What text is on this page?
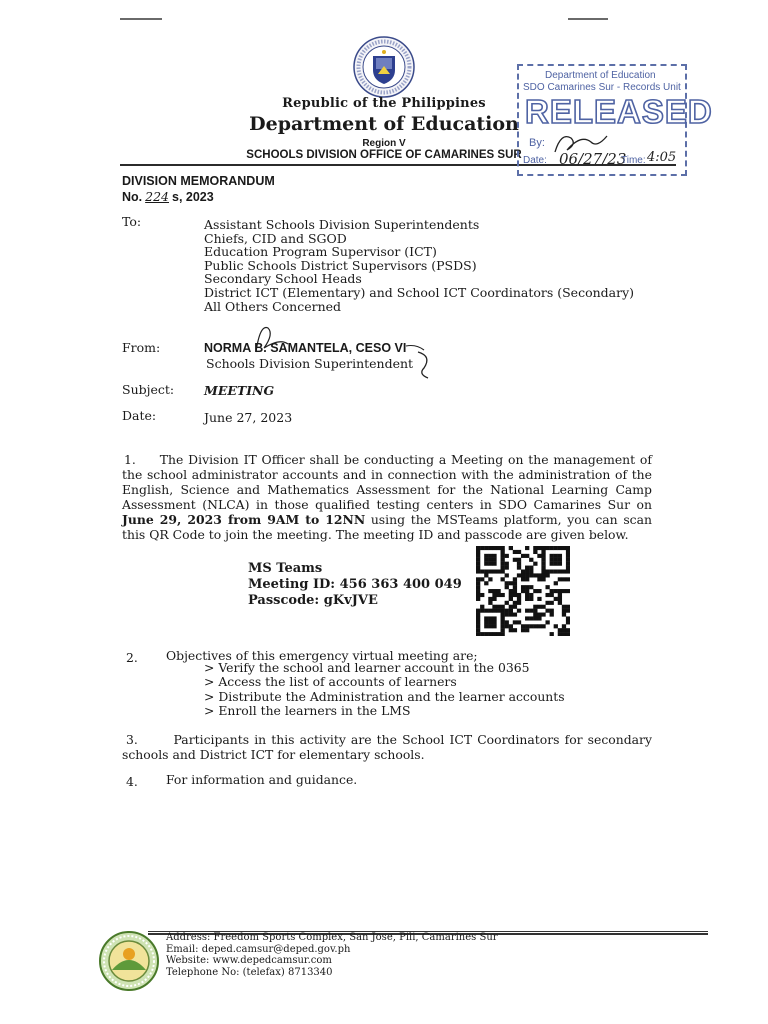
Republic of the Philippines
Department of Education
Region V
SCHOOLS DIVISION OFFICE OF CAMARINES SUR
Department of Education
SDO Camarines Sur - Records Unit
RELEASED
By:
Date: 06/27/23
Time: 4:05
DIVISION MEMORANDUM
No. 224 s, 2023
To:	Assistant Schools Division Superintendents
Chiefs, CID and SGOD
Education Program Supervisor (ICT)
Public Schools District Supervisors (PSDS)
Secondary School Heads
District ICT (Elementary) and School ICT Coordinators (Secondary)
All Others Concerned
From:	NORMA B. SAMANTELA, CESO VI
Schools Division Superintendent
Subject: MEETING
Date:	June 27, 2023
1. The Division IT Officer shall be conducting a Meeting on the management of the school administrator accounts and in connection with the administration of the English, Science and Mathematics Assessment for the National Learning Camp Assessment (NLCA) in those qualified testing centers in SDO Camarines Sur on June 29, 2023 from 9AM to 12NN using the MSTeams platform, you can scan this QR Code to join the meeting. The meeting ID and passcode are given below.
MS Teams
Meeting ID: 456 363 400 049
Passcode: gKvJVE
2. Objectives of this emergency virtual meeting are;
> Verify the school and learner account in the 0365
> Access the list of accounts of learners
> Distribute the Administration and the learner accounts
> Enroll the learners in the LMS
3.	Participants in this activity are the School ICT Coordinators for secondary schools and District ICT for elementary schools.
4. For information and guidance.
Address: Freedom Sports Complex, San Jose, Pili, Camarines Sur
Email: deped.camsur@deped.gov.ph
Website: www.depedcamsur.com
Telephone No: (telefax) 8713340
